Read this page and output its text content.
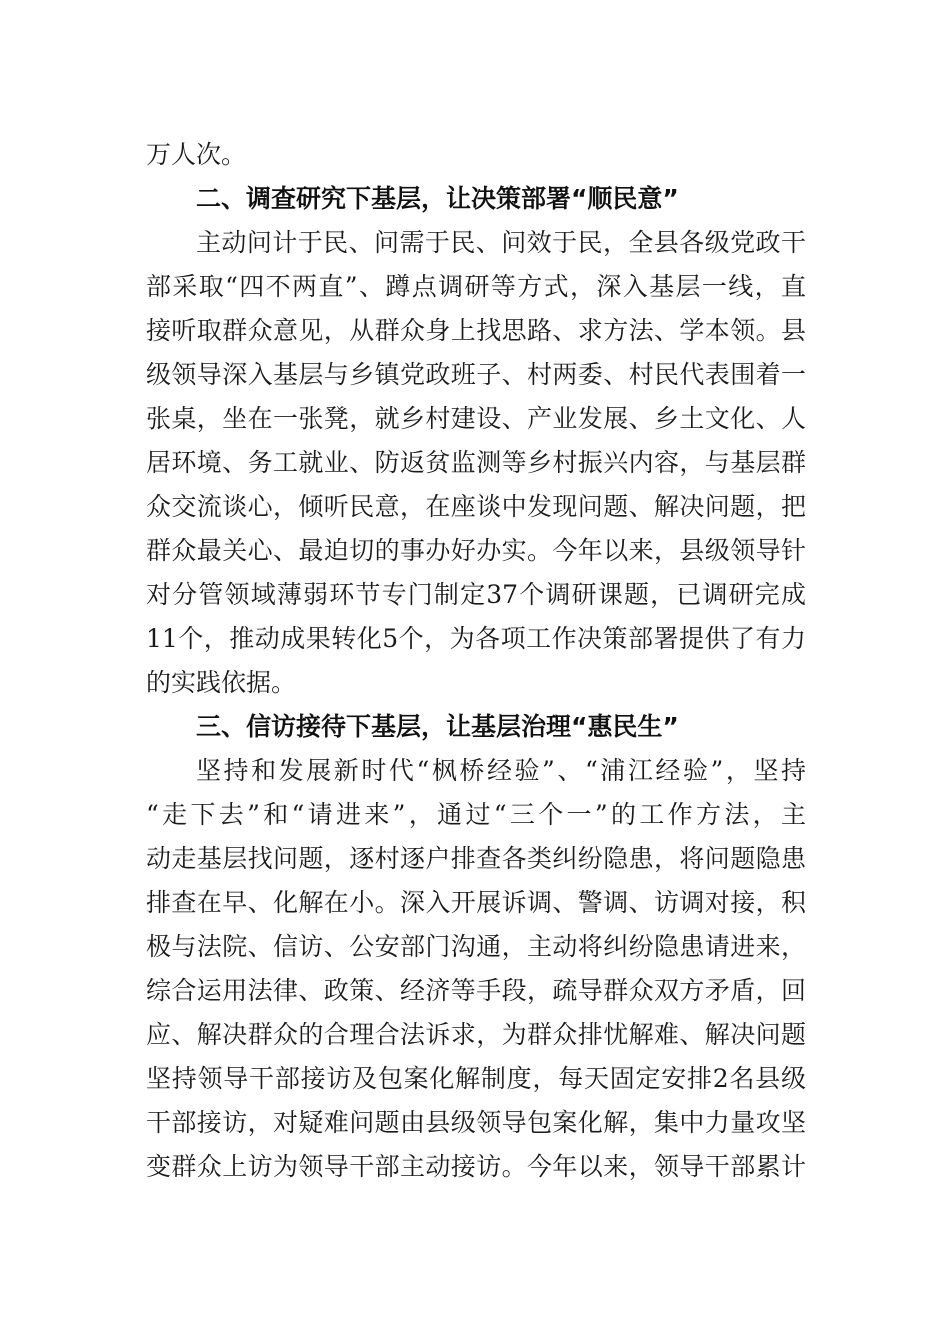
万人次。
二、调查研究下基层，让决策部署“顺民意”
主动问计于民、问需于民、问效于民，全县各级党政干
部采取“四不两直”、蹲点调研等方式，深入基层一线，直
接听取群众意见，从群众身上找思路、求方法、学本领。县
级领导深入基层与乡镇党政班子、村两委、村民代表围着一
张桌，坐在一张凳，就乡村建设、产业发展、乡土文化、人
居环境、务工就业、防返贫监测等乡村振兴内容，与基层群
众交流谈心，倾听民意，在座谈中发现问题、解决问题，把
群众最关心、最迫切的事办好办实。今年以来，县级领导针
对分管领域薄弱环节专门制定37个调研课题，已调研完成
11个，推动成果转化5个，为各项工作决策部署提供了有力
的实践依据。
三、信访接待下基层，让基层治理“惠民生”
坚持和发展新时代“枫桥经验”、“浦江经验”，坚持
“走下去”和“请进来”，通过“三个一”的工作方法，主
动走基层找问题，逐村逐户排查各类纠纷隐患，将问题隐患
排查在早、化解在小。深入开展诉调、警调、访调对接，积
极与法院、信访、公安部门沟通，主动将纠纷隐患请进来，
综合运用法律、政策、经济等手段，疏导群众双方矛盾，回
应、解决群众的合理合法诉求，为群众排忧解难、解决问题
坚持领导干部接访及包案化解制度，每天固定安排2名县级
干部接访，对疑难问题由县级领导包案化解，集中力量攻坚
变群众上访为领导干部主动接访。今年以来，领导干部累计
